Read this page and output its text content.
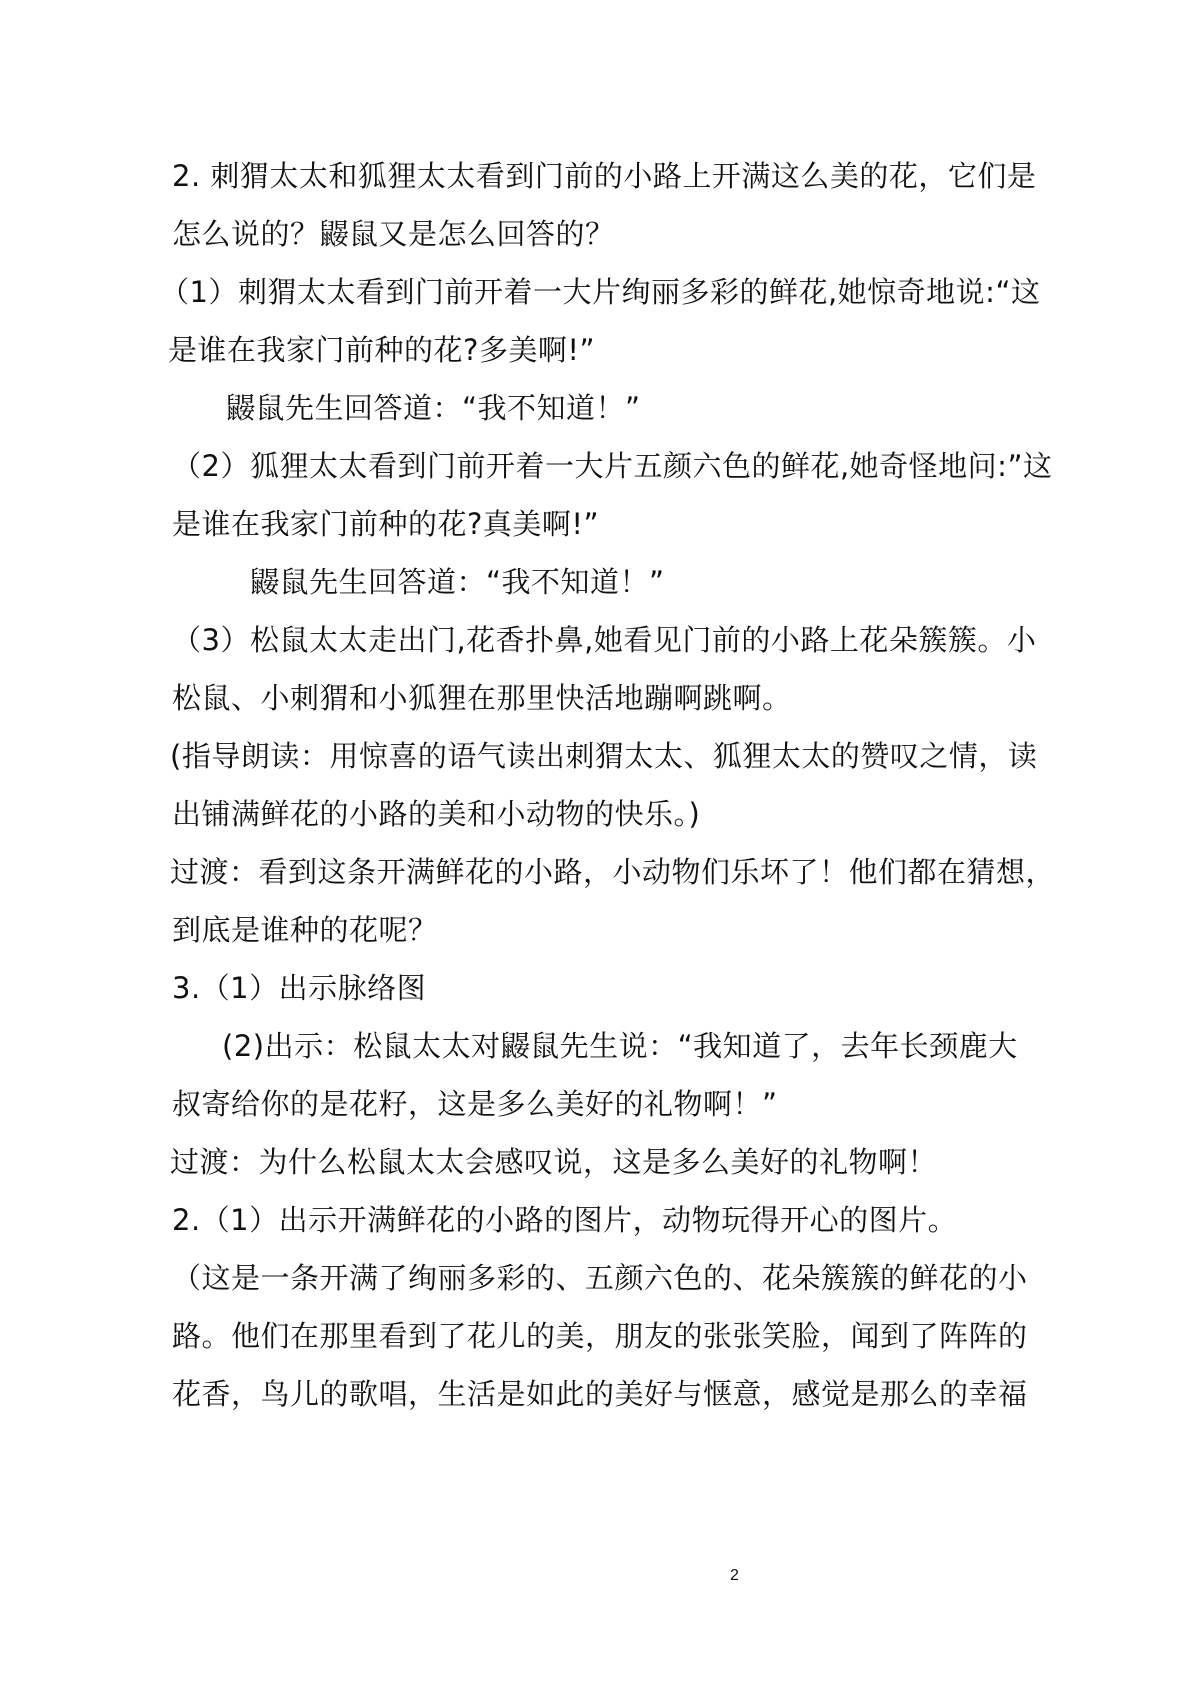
2. 刺猬太太和狐狸太太看到门前的小路上开满这么美的花，它们是
怎么说的？鼹鼠又是怎么回答的？
（1）刺猬太太看到门前开着一大片绚丽多彩的鲜花,她惊奇地说:“这
是谁在我家门前种的花?多美啊!”
鼹鼠先生回答道：“我不知道！”
（2）狐狸太太看到门前开着一大片五颜六色的鲜花,她奇怪地问:”这
是谁在我家门前种的花?真美啊!”
鼹鼠先生回答道：“我不知道！”
（3）松鼠太太走出门,花香扑鼻,她看见门前的小路上花朵簇簇。小
松鼠、小刺猬和小狐狸在那里快活地蹦啊跳啊。
(指导朗读：用惊喜的语气读出刺猬太太、狐狸太太的赞叹之情，读
出铺满鲜花的小路的美和小动物的快乐。)
过渡：看到这条开满鲜花的小路，小动物们乐坏了！他们都在猜想，
到底是谁种的花呢？
3.（1）出示脉络图
(2)出示：松鼠太太对鼹鼠先生说：“我知道了，去年长颈鹿大
叔寄给你的是花籽，这是多么美好的礼物啊！”
过渡：为什么松鼠太太会感叹说，这是多么美好的礼物啊！
2.（1）出示开满鲜花的小路的图片，动物玩得开心的图片。
（这是一条开满了绚丽多彩的、五颜六色的、花朵簇簇的鲜花的小
路。他们在那里看到了花儿的美，朋友的张张笑脸，闻到了阵阵的
花香，鸟儿的歌唱，生活是如此的美好与惬意，感觉是那么的幸福
2
